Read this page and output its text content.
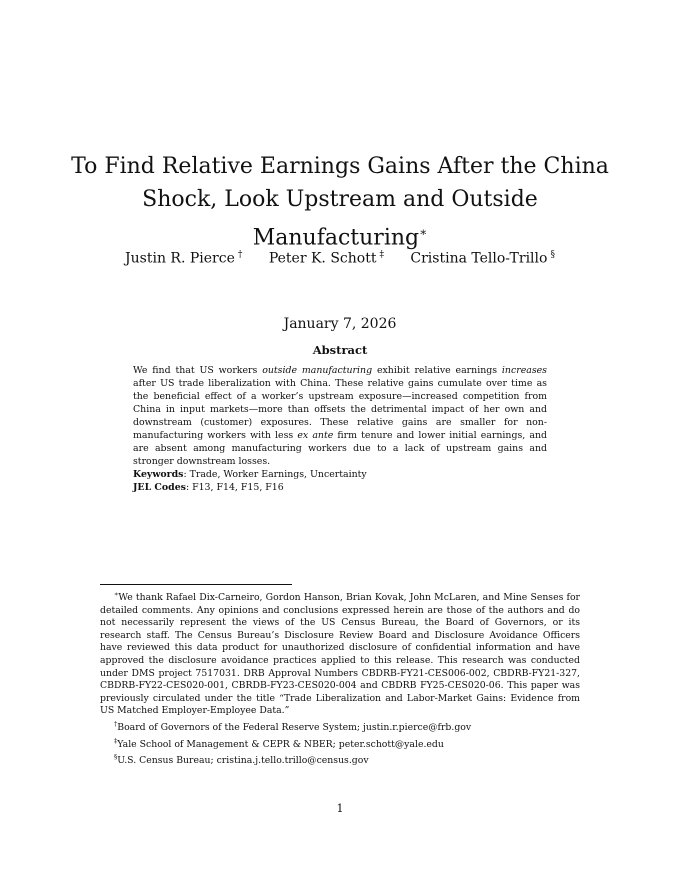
To Find Relative Earnings Gains After the China
Shock, Look Upstream and Outside Manufacturing∗
Justin R. Pierce † Peter K. Schott ‡ Cristina Tello-Trillo §
January 7, 2026
Abstract

We find that US workers outside manufacturing exhibit relative earnings increases after US trade liberalization with China. These relative gains cumulate over time as the beneficial effect of a worker’s upstream exposure—increased competition from China in input markets—more than offsets the detrimental impact of her own and downstream (customer) exposures. These relative gains are smaller for non-manufacturing workers with less ex ante firm tenure and lower initial earnings, and are absent among manufacturing workers due to a lack of upstream gains and stronger downstream losses.

Keywords: Trade, Worker Earnings, Uncertainty

JEL Codes: F13, F14, F15, F16

∗We thank Rafael Dix-Carneiro, Gordon Hanson, Brian Kovak, John McLaren, and Mine Senses for detailed comments. Any opinions and conclusions expressed herein are those of the authors and do not necessarily represent the views of the US Census Bureau, the Board of Governors, or its research staff. The Census Bureau’s Disclosure Review Board and Disclosure Avoidance Officers have reviewed this data product for unauthorized disclosure of confidential information and have approved the disclosure avoidance practices applied to this release. This research was conducted under DMS project 7517031. DRB Approval Numbers CBDRB-FY21-CES006-002, CBDRB-FY21-327, CBDRB-FY22-CES020-001, CBRDB-FY23-CES020-004 and CBDRB FY25-CES020-06. This paper was previously circulated under the title “Trade Liberalization and Labor-Market Gains: Evidence from US Matched Employer-Employee Data.”

†Board of Governors of the Federal Reserve System; justin.r.pierce@frb.gov

‡Yale School of Management & CEPR & NBER; peter.schott@yale.edu

§U.S. Census Bureau; cristina.j.tello.trillo@census.gov

1
